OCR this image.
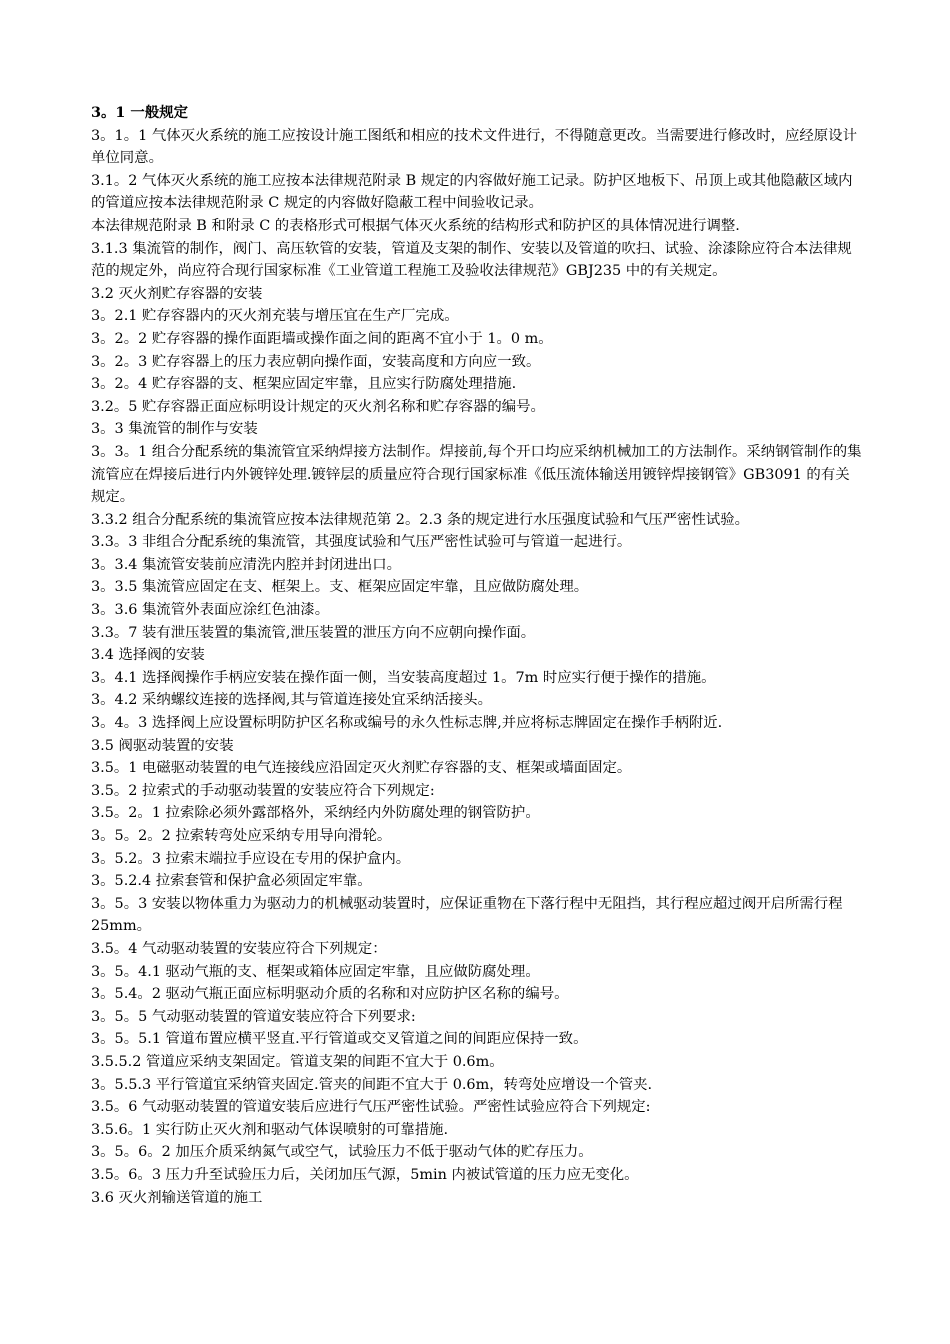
3。1 一般规定

3。1。1 气体灭火系统的施工应按设计施工图纸和相应的技术文件进行，不得随意更改。当需要进行修改时，应经原设计单位同意。

3.1。2 气体灭火系统的施工应按本法律规范附录 B 规定的内容做好施工记录。防护区地板下、吊顶上或其他隐蔽区域内的管道应按本法律规范附录 C 规定的内容做好隐蔽工程中间验收记录。

本法律规范附录 B 和附录 C 的表格形式可根据气体灭火系统的结构形式和防护区的具体情况进行调整.

3.1.3 集流管的制作，阀门、高压软管的安装，管道及支架的制作、安装以及管道的吹扫、试验、涂漆除应符合本法律规范的规定外，尚应符合现行国家标准《工业管道工程施工及验收法律规范》GBJ235 中的有关规定。

3.2 灭火剂贮存容器的安装

3。2.1 贮存容器内的灭火剂充装与增压宜在生产厂完成。

3。2。2 贮存容器的操作面距墙或操作面之间的距离不宜小于 1。0 m。

3。2。3 贮存容器上的压力表应朝向操作面，安装高度和方向应一致。

3。2。4 贮存容器的支、框架应固定牢靠，且应实行防腐处理措施.

3.2。5 贮存容器正面应标明设计规定的灭火剂名称和贮存容器的编号。

3。3 集流管的制作与安装

3。3。1 组合分配系统的集流管宜采纳焊接方法制作。焊接前,每个开口均应采纳机械加工的方法制作。采纳钢管制作的集流管应在焊接后进行内外镀锌处理.镀锌层的质量应符合现行国家标准《低压流体输送用镀锌焊接钢管》GB3091 的有关规定。

3.3.2 组合分配系统的集流管应按本法律规范第 2。2.3 条的规定进行水压强度试验和气压严密性试验。

3.3。3 非组合分配系统的集流管，其强度试验和气压严密性试验可与管道一起进行。

3。3.4 集流管安装前应清洗内腔并封闭进出口。

3。3.5 集流管应固定在支、框架上。支、框架应固定牢靠，且应做防腐处理。

3。3.6 集流管外表面应涂红色油漆。

3.3。7 装有泄压装置的集流管,泄压装置的泄压方向不应朝向操作面。

3.4 选择阀的安装

3。4.1 选择阀操作手柄应安装在操作面一侧，当安装高度超过 1。7m 时应实行便于操作的措施。

3。4.2 采纳螺纹连接的选择阀,其与管道连接处宜采纳活接头。

3。4。3 选择阀上应设置标明防护区名称或编号的永久性标志牌,并应将标志牌固定在操作手柄附近.

3.5 阀驱动装置的安装

3.5。1 电磁驱动装置的电气连接线应沿固定灭火剂贮存容器的支、框架或墙面固定。

3.5。2 拉索式的手动驱动装置的安装应符合下列规定:

3.5。2。1 拉索除必须外露部格外，采纳经内外防腐处理的钢管防护。

3。5。2。2 拉索转弯处应采纳专用导向滑轮。

3。5.2。3 拉索末端拉手应设在专用的保护盒内。

3。5.2.4 拉索套管和保护盒必须固定牢靠。

3。5。3 安装以物体重力为驱动力的机械驱动装置时，应保证重物在下落行程中无阻挡，其行程应超过阀开启所需行程 25mm。

3.5。4 气动驱动装置的安装应符合下列规定：

3。5。4.1 驱动气瓶的支、框架或箱体应固定牢靠，且应做防腐处理。

3。5.4。2 驱动气瓶正面应标明驱动介质的名称和对应防护区名称的编号。

3。5。5 气动驱动装置的管道安装应符合下列要求:

3。5。5.1 管道布置应横平竖直.平行管道或交叉管道之间的间距应保持一致。

3.5.5.2 管道应采纳支架固定。管道支架的间距不宜大于 0.6m。

3。5.5.3 平行管道宜采纳管夹固定.管夹的间距不宜大于 0.6m，转弯处应增设一个管夹.

3.5。6 气动驱动装置的管道安装后应进行气压严密性试验。严密性试验应符合下列规定:

3.5.6。1 实行防止灭火剂和驱动气体误喷射的可靠措施.

3。5。6。2 加压介质采纳氮气或空气，试验压力不低于驱动气体的贮存压力。

3.5。6。3 压力升至试验压力后，关闭加压气源，5min 内被试管道的压力应无变化。

3.6 灭火剂输送管道的施工
